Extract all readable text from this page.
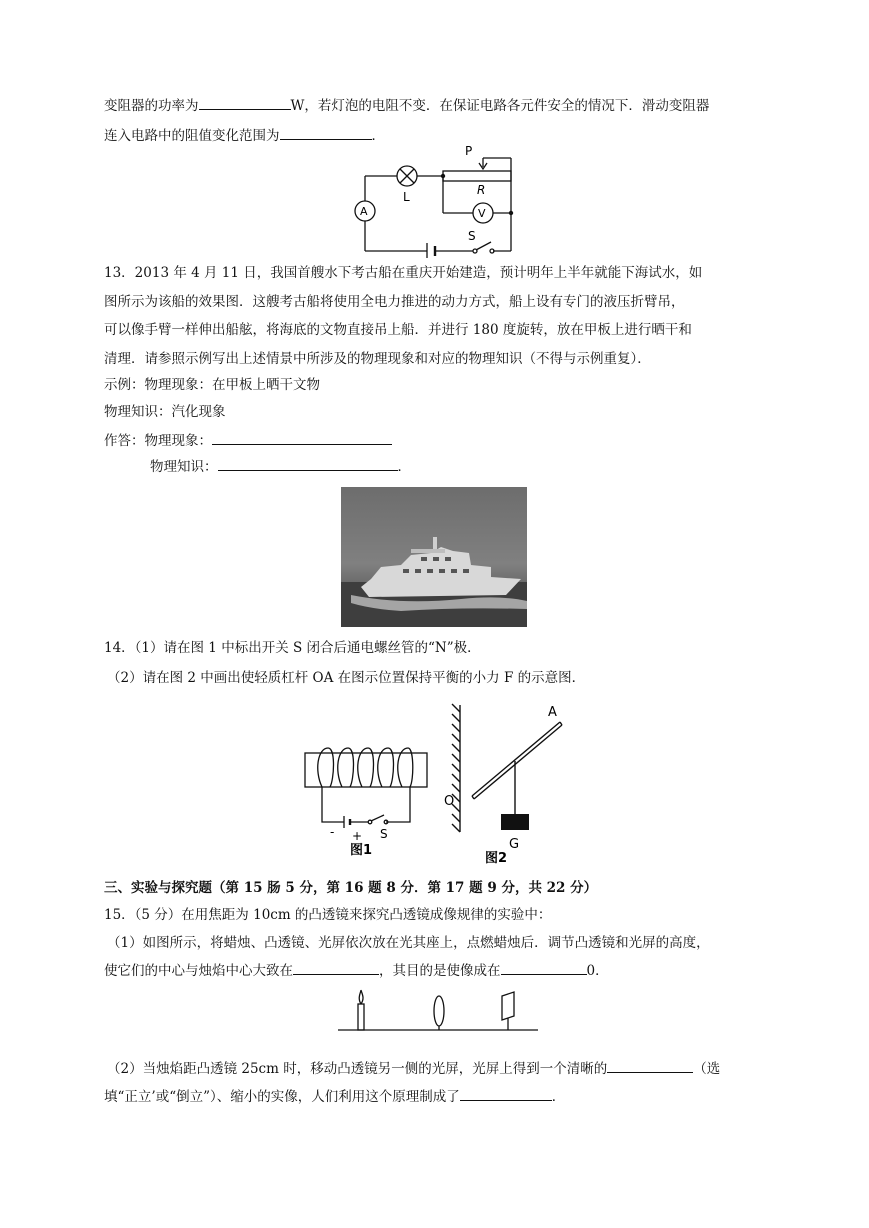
变阻器的功率为	W，若灯泡的电阻不变．在保证电路各元件安全的情况下．滑动变阻器
连入电路中的阻值变化范围为	．
P
L	R
A	V
S
13．2013 年 4 月 11 日，我国首艘水下考古船在重庆开始建造，预计明年上半年就能下海试水，如
图所示为该船的效果图．这艘考古船将使用全电力推进的动力方式，船上设有专门的液压折臂吊，
可以像手臂一样伸出船舷，将海底的文物直接吊上船．并进行 180 度旋转，放在甲板上进行晒干和
清理．请参照示例写出上述情景中所涉及的物理现象和对应的物理知识（不得与示例重复）．
示例：物理现象：在甲板上晒干文物
物理知识：汽化现象
作答：物理现象：
物理知识：	．
14．（1）请在图 1 中标出开关 S 闭合后通电螺丝管的“N”极．
（2）请在图 2 中画出使轻质杠杆 OA 在图示位置保持平衡的小力 F 的示意图．
- + S
图1
A
O
G
图2
三、实验与探究题（第 15 肠 5 分，第 16 题 8 分．第 17 题 9 分，共 22 分）
15．（5 分）在用焦距为 10cm 的凸透镜来探究凸透镜成像规律的实验中：
（1）如图所示，将蜡烛、凸透镜、光屏依次放在光其座上，点燃蜡烛后．调节凸透镜和光屏的高度，
使它们的中心与烛焰中心大致在	，其目的是使像成在	0．
（2）当烛焰距凸透镜 25cm 时，移动凸透镜另一侧的光屏，光屏上得到一个清晰的	（选
填“正立’或“倒立”）、缩小的实像，人们利用这个原理制成了	．
